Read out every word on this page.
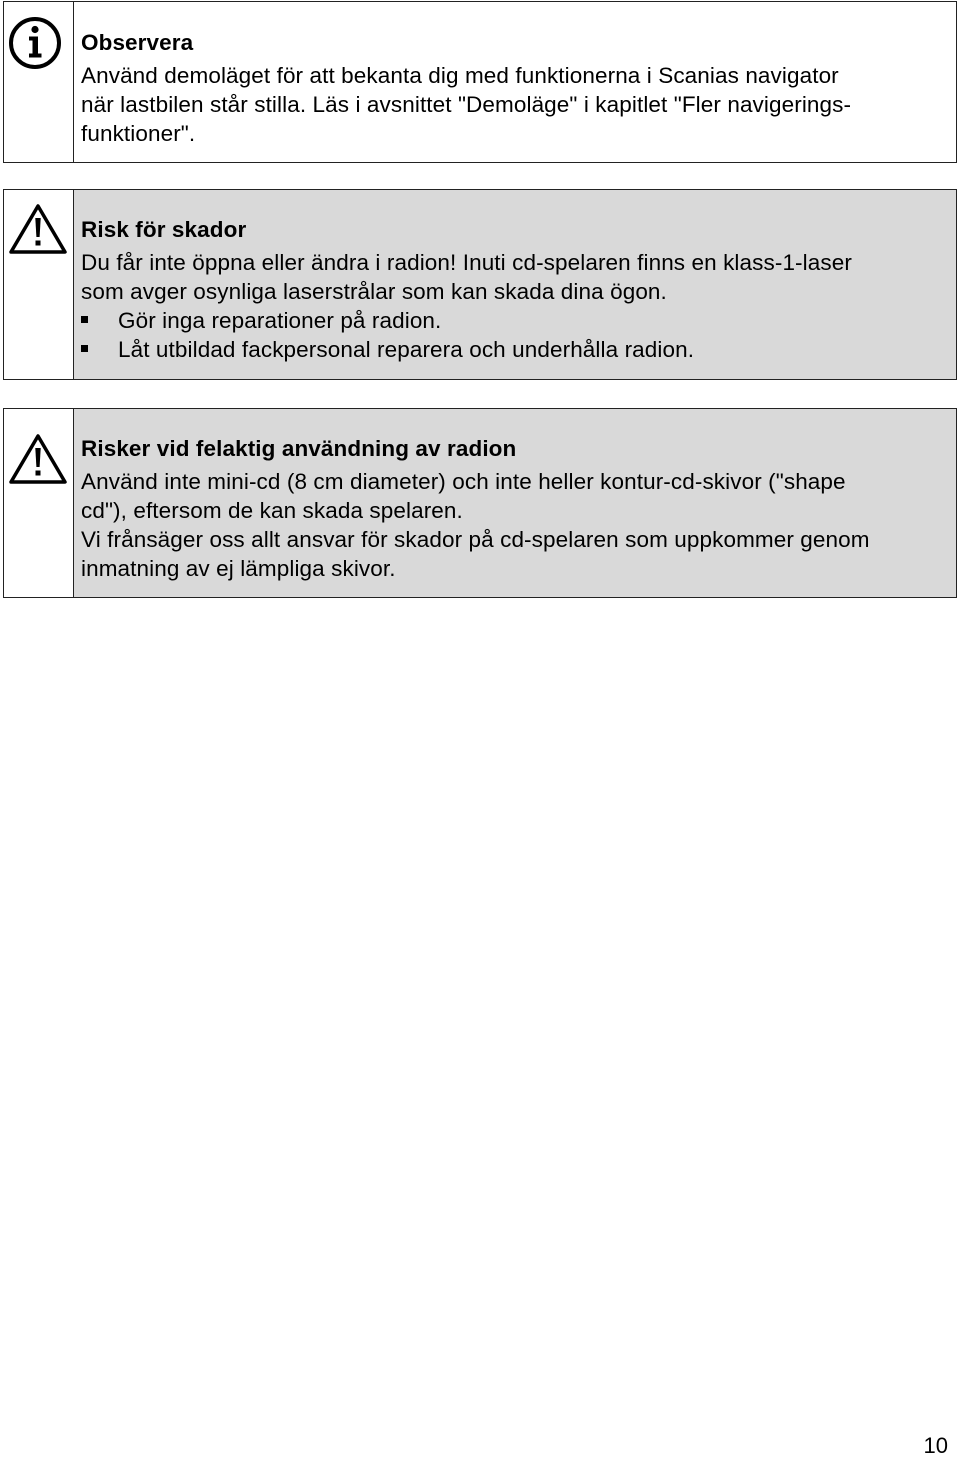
Observera
Använd demoläget för att bekanta dig med funktionerna i Scanias navigator
när lastbilen står stilla. Läs i avsnittet "Demoläge" i kapitlet "Fler navigerings-
funktioner".
Risk för skador
Du får inte öppna eller ändra i radion! Inuti cd-spelaren finns en klass-1-laser
som avger osynliga laserstrålar som kan skada dina ögon.
Gör inga reparationer på radion.
Låt utbildad fackpersonal reparera och underhålla radion.
Risker vid felaktig användning av radion
Använd inte mini-cd (8 cm diameter) och inte heller kontur-cd-skivor ("shape
cd"), eftersom de kan skada spelaren.
Vi frånsäger oss allt ansvar för skador på cd-spelaren som uppkommer genom
inmatning av ej lämpliga skivor.
10
